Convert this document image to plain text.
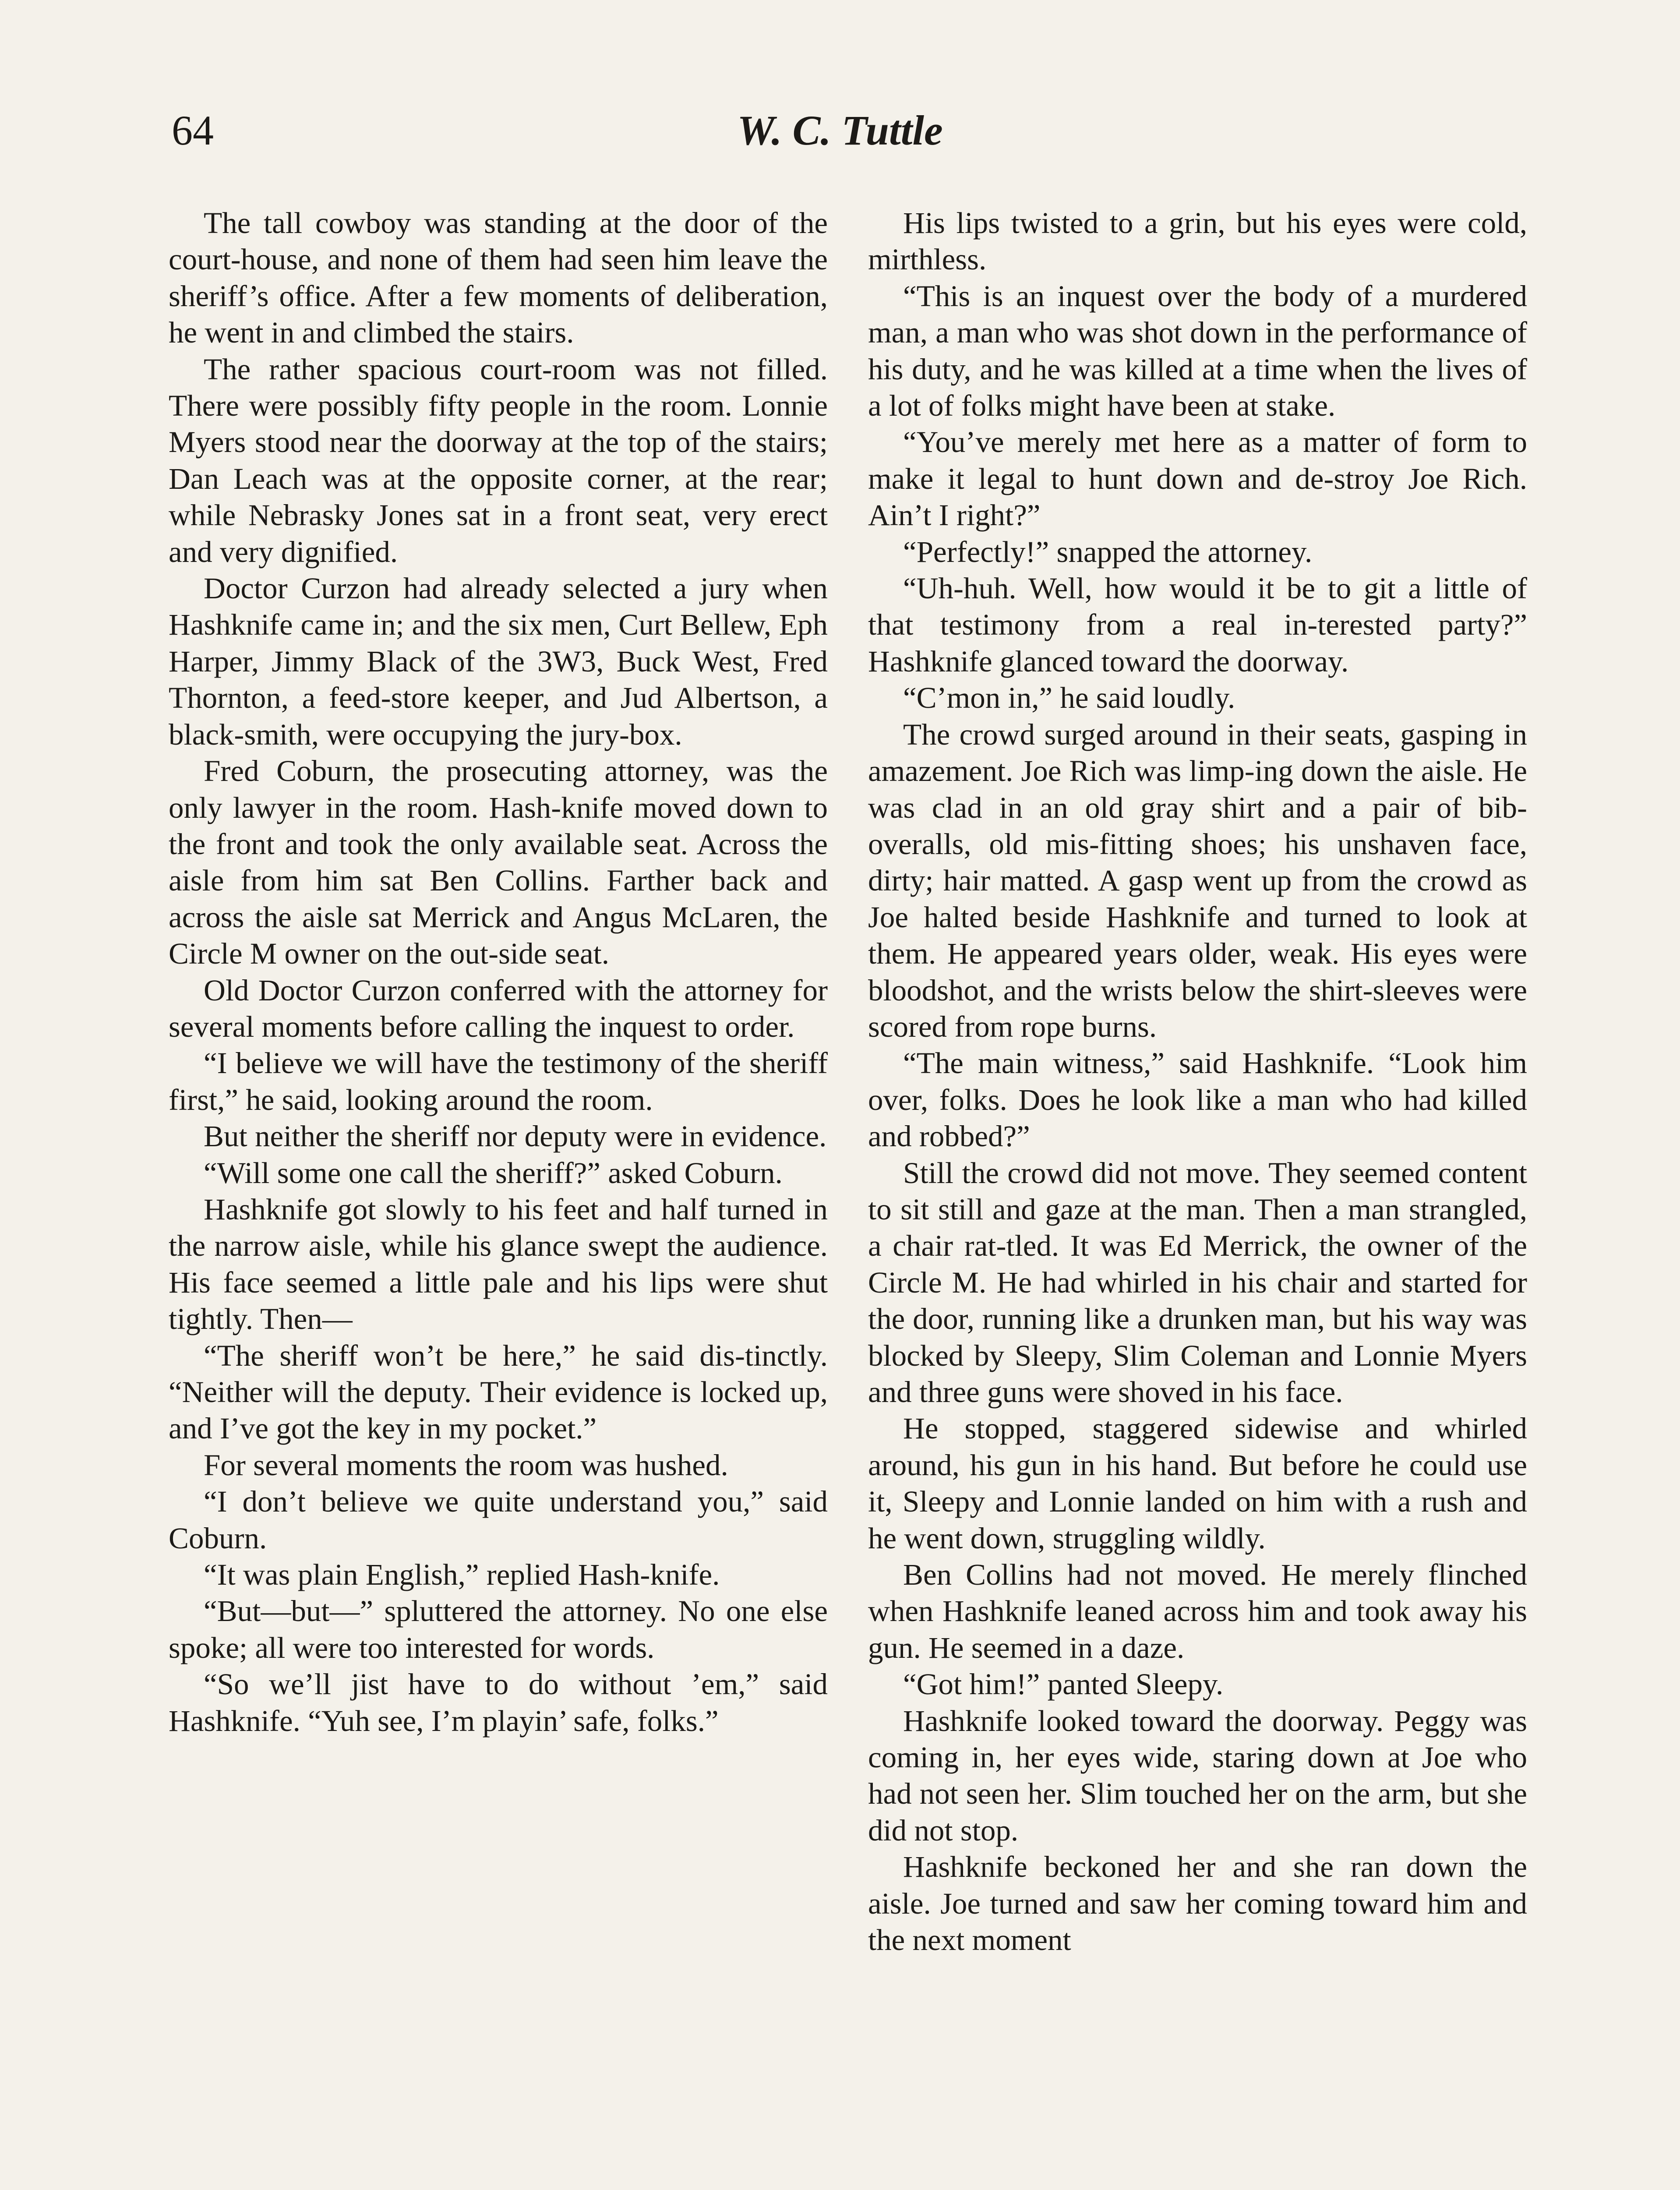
64	W. C. Tuttle

The tall cowboy was standing at the door of the court-house, and none of them had seen him leave the sheriff’s office. After a few moments of deliberation, he went in and climbed the stairs.

The rather spacious court-room was not filled. There were possibly fifty people in the room. Lonnie Myers stood near the doorway at the top of the stairs; Dan Leach was at the opposite corner, at the rear; while Nebrasky Jones sat in a front seat, very erect and very dignified.

Doctor Curzon had already selected a jury when Hashknife came in; and the six men, Curt Bellew, Eph Harper, Jimmy Black of the 3W3, Buck West, Fred Thornton, a feed-store keeper, and Jud Albertson, a black-smith, were occupying the jury-box.

Fred Coburn, the prosecuting attorney, was the only lawyer in the room. Hash-knife moved down to the front and took the only available seat. Across the aisle from him sat Ben Collins. Farther back and across the aisle sat Merrick and Angus McLaren, the Circle M owner on the out-side seat.

Old Doctor Curzon conferred with the attorney for several moments before calling the inquest to order.

“I believe we will have the testimony of the sheriff first,” he said, looking around the room.

But neither the sheriff nor deputy were in evidence.

“Will some one call the sheriff?” asked Coburn.

Hashknife got slowly to his feet and half turned in the narrow aisle, while his glance swept the audience. His face seemed a little pale and his lips were shut tightly. Then—

“The sheriff won’t be here,” he said dis-tinctly. “Neither will the deputy. Their evidence is locked up, and I’ve got the key in my pocket.”

For several moments the room was hushed.

“I don’t believe we quite understand you,” said Coburn.

“It was plain English,” replied Hash-knife.

“But—but—” spluttered the attorney. No one else spoke; all were too interested for words.

“So we’ll jist have to do without ’em,” said Hashknife. “Yuh see, I’m playin’ safe, folks.”

His lips twisted to a grin, but his eyes were cold, mirthless.

“This is an inquest over the body of a murdered man, a man who was shot down in the performance of his duty, and he was killed at a time when the lives of a lot of folks might have been at stake.

“You’ve merely met here as a matter of form to make it legal to hunt down and de-stroy Joe Rich. Ain’t I right?”

“Perfectly!” snapped the attorney.

“Uh-huh. Well, how would it be to git a little of that testimony from a real in-terested party?” Hashknife glanced toward the doorway.

“C’mon in,” he said loudly.

The crowd surged around in their seats, gasping in amazement. Joe Rich was limp-ing down the aisle. He was clad in an old gray shirt and a pair of bib-overalls, old mis-fitting shoes; his unshaven face, dirty; hair matted. A gasp went up from the crowd as Joe halted beside Hashknife and turned to look at them. He appeared years older, weak. His eyes were bloodshot, and the wrists below the shirt-sleeves were scored from rope burns.

“The main witness,” said Hashknife. “Look him over, folks. Does he look like a man who had killed and robbed?”

Still the crowd did not move. They seemed content to sit still and gaze at the man. Then a man strangled, a chair rat-tled. It was Ed Merrick, the owner of the Circle M. He had whirled in his chair and started for the door, running like a drunken man, but his way was blocked by Sleepy, Slim Coleman and Lonnie Myers and three guns were shoved in his face.

He stopped, staggered sidewise and whirled around, his gun in his hand. But before he could use it, Sleepy and Lonnie landed on him with a rush and he went down, struggling wildly.

Ben Collins had not moved. He merely flinched when Hashknife leaned across him and took away his gun. He seemed in a daze.

“Got him!” panted Sleepy.

Hashknife looked toward the doorway. Peggy was coming in, her eyes wide, staring down at Joe who had not seen her. Slim touched her on the arm, but she did not stop.

Hashknife beckoned her and she ran down the aisle. Joe turned and saw her coming toward him and the next moment
